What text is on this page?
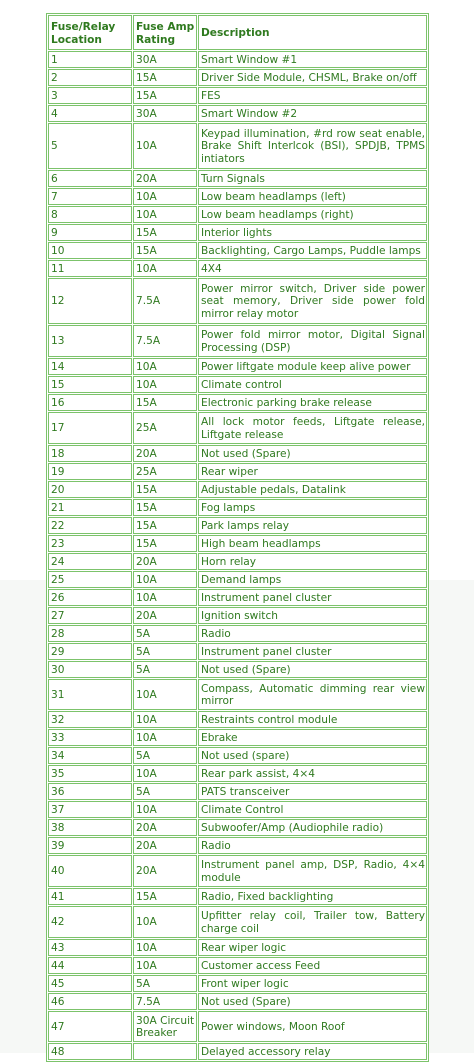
Fuse/Relay Location	Fuse Amp Rating	Description
1	30A	Smart Window #1
2	15A	Driver Side Module, CHSML, Brake on/off
3	15A	FES
4	30A	Smart Window #2
5	10A	Keypad illumination, #rd row seat enable, Brake Shift Interlcok (BSI), SPDJB, TPMS intiators
6	20A	Turn Signals
7	10A	Low beam headlamps (left)
8	10A	Low beam headlamps (right)
9	15A	Interior lights
10	15A	Backlighting, Cargo Lamps, Puddle lamps
11	10A	4X4
12	7.5A	Power mirror switch, Driver side power seat memory, Driver side power fold mirror relay motor
13	7.5A	Power fold mirror motor, Digital Signal Processing (DSP)
14	10A	Power liftgate module keep alive power
15	10A	Climate control
16	15A	Electronic parking brake release
17	25A	All lock motor feeds, Liftgate release, Liftgate release
18	20A	Not used (Spare)
19	25A	Rear wiper
20	15A	Adjustable pedals, Datalink
21	15A	Fog lamps
22	15A	Park lamps relay
23	15A	High beam headlamps
24	20A	Horn relay
25	10A	Demand lamps
26	10A	Instrument panel cluster
27	20A	Ignition switch
28	5A	Radio
29	5A	Instrument panel cluster
30	5A	Not used (Spare)
31	10A	Compass, Automatic dimming rear view mirror
32	10A	Restraints control module
33	10A	Ebrake
34	5A	Not used (spare)
35	10A	Rear park assist, 4×4
36	5A	PATS transceiver
37	10A	Climate Control
38	20A	Subwoofer/Amp (Audiophile radio)
39	20A	Radio
40	20A	Instrument panel amp, DSP, Radio, 4×4 module
41	15A	Radio, Fixed backlighting
42	10A	Upfitter relay coil, Trailer tow, Battery charge coil
43	10A	Rear wiper logic
44	10A	Customer access Feed
45	5A	Front wiper logic
46	7.5A	Not used (Spare)
47	30A Circuit Breaker	Power windows, Moon Roof
48		Delayed accessory relay
